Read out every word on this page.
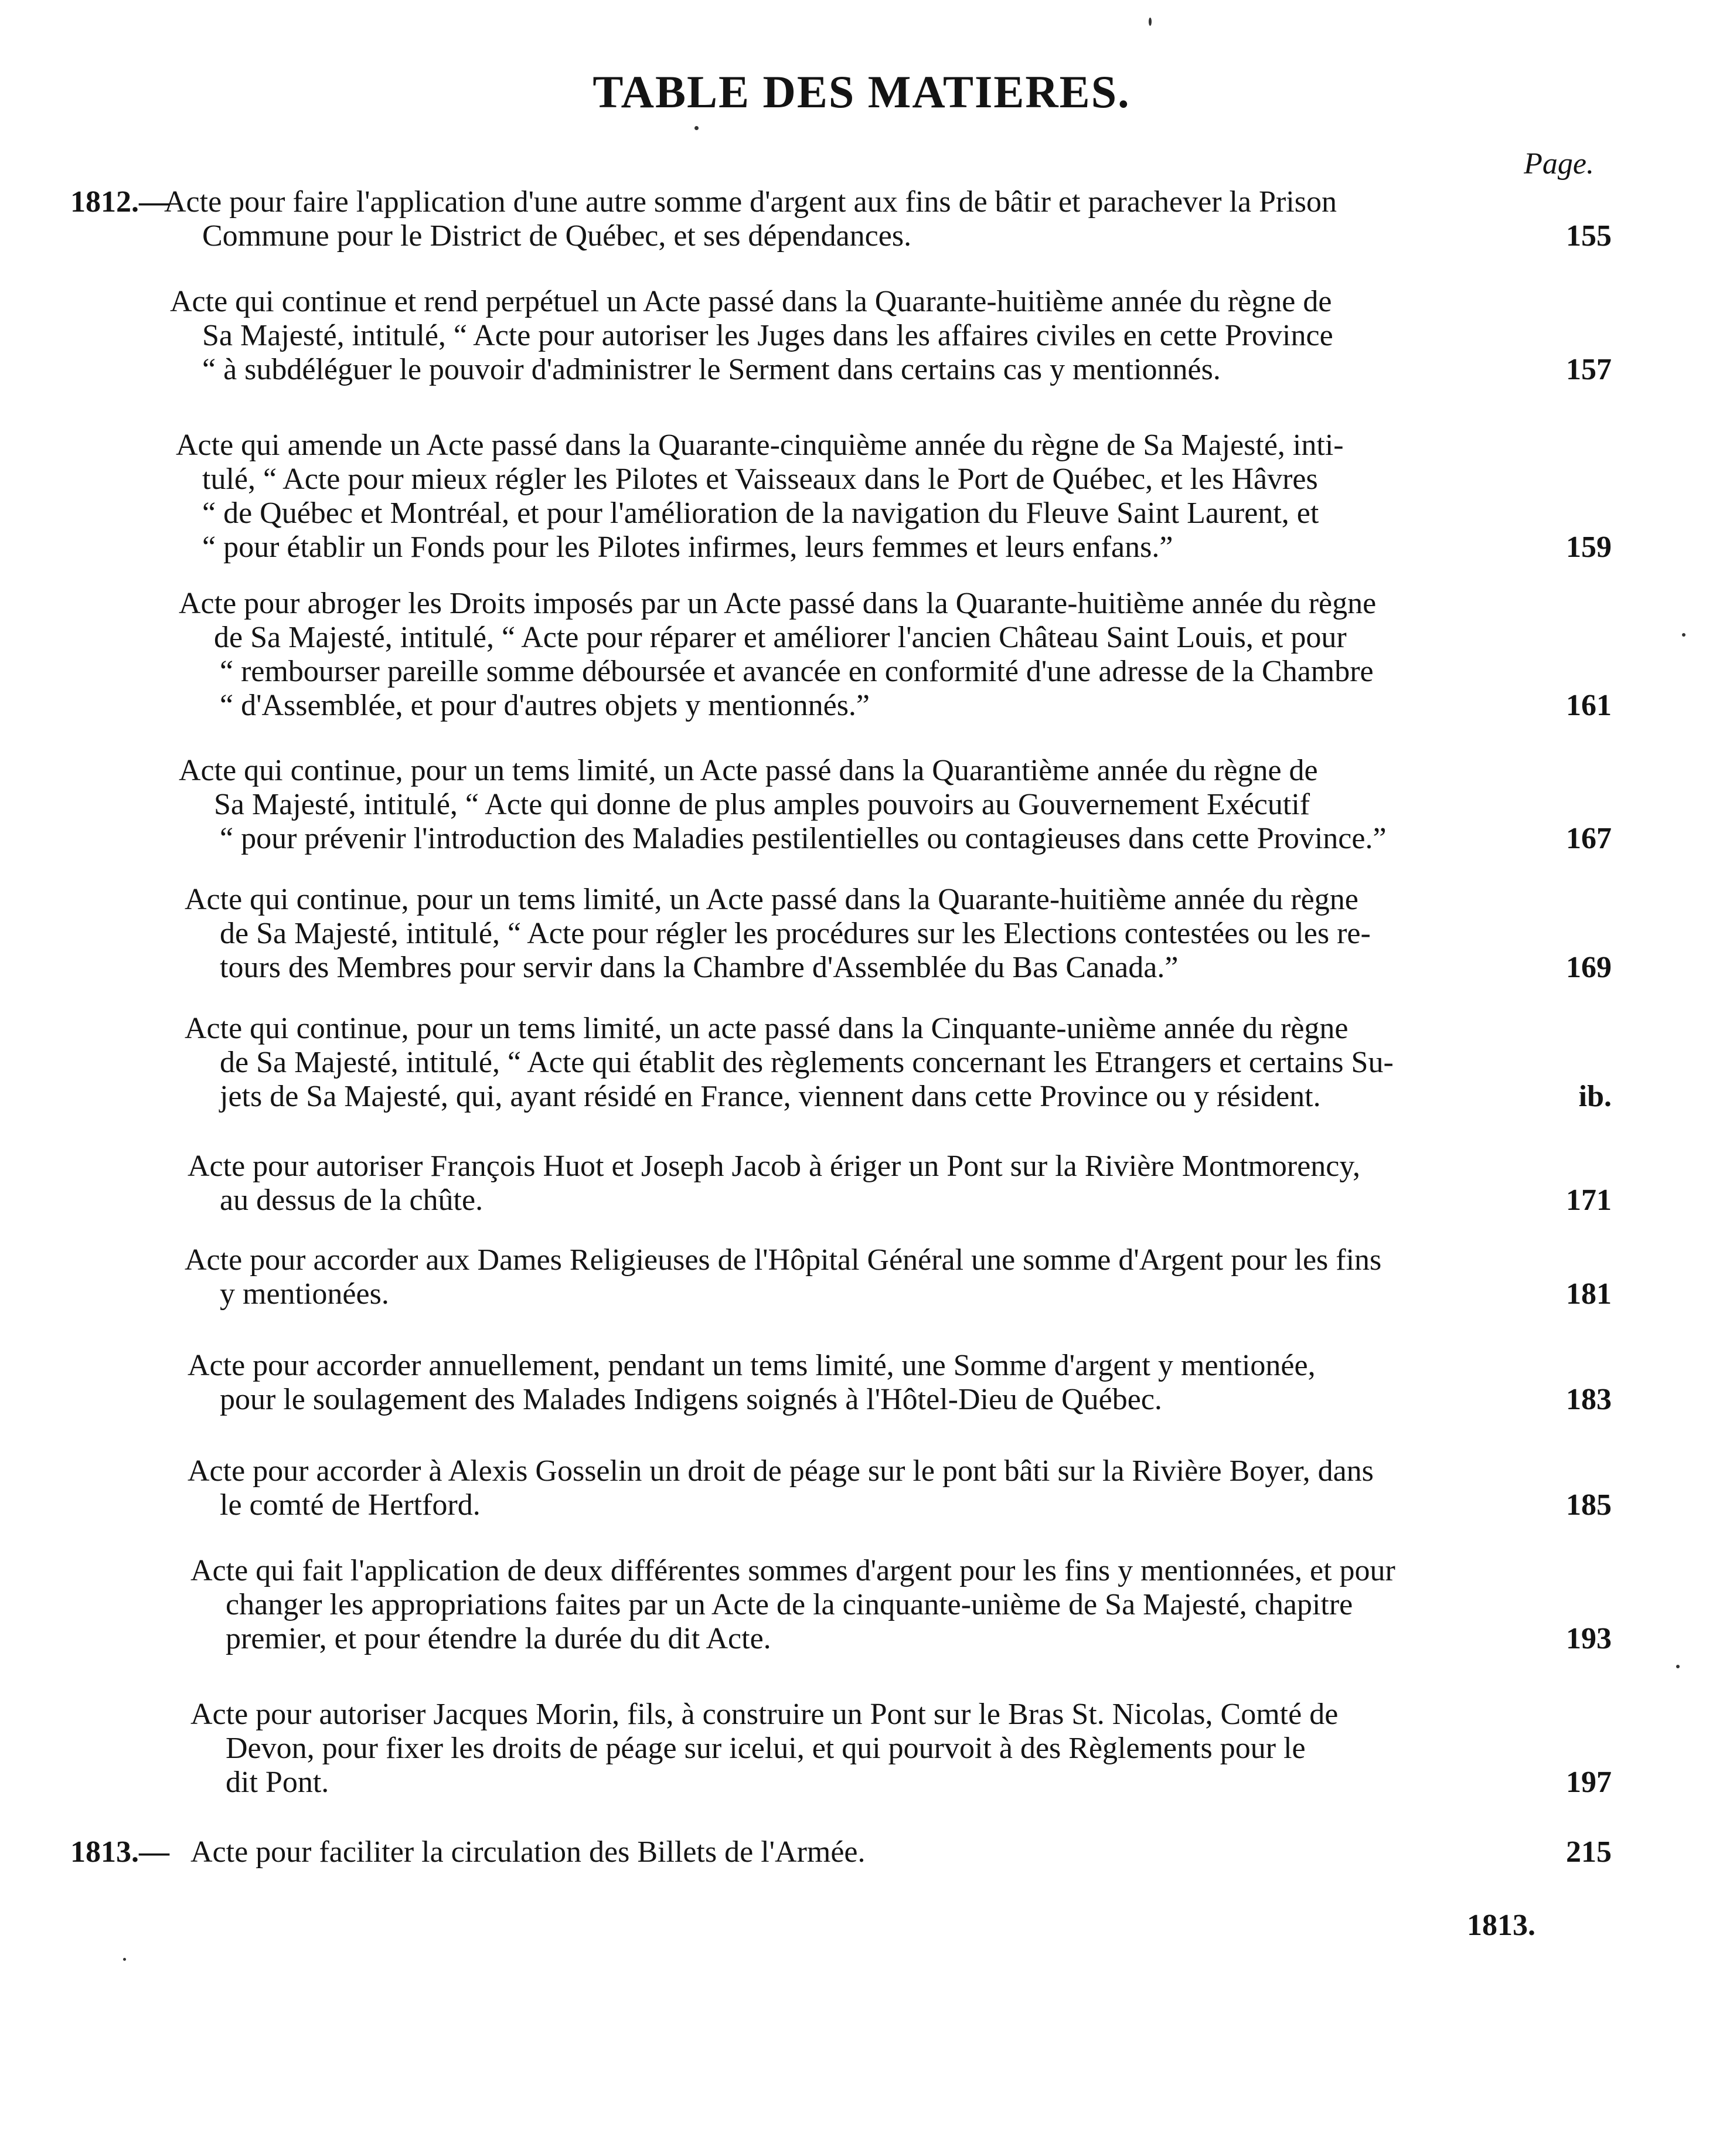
TABLE DES MATIERES.
Page.
1812.—
Acte pour faire l'application d'une autre somme d'argent aux fins de bâtir et parachever la Prison
Commune pour le District de Québec, et ses dépendances.	155
Acte qui continue et rend perpétuel un Acte passé dans la Quarante-huitième année du règne de
Sa Majesté, intitulé, “ Acte pour autoriser les Juges dans les affaires civiles en cette Province
“ à subdéléguer le pouvoir d'administrer le Serment dans certains cas y mentionnés.	157
Acte qui amende un Acte passé dans la Quarante-cinquième année du règne de Sa Majesté, inti-
tulé, “ Acte pour mieux régler les Pilotes et Vaisseaux dans le Port de Québec, et les Hâvres
“ de Québec et Montréal, et pour l'amélioration de la navigation du Fleuve Saint Laurent, et
“ pour établir un Fonds pour les Pilotes infirmes, leurs femmes et leurs enfans.”	159
Acte pour abroger les Droits imposés par un Acte passé dans la Quarante-huitième année du règne
de Sa Majesté, intitulé, “ Acte pour réparer et améliorer l'ancien Château Saint Louis, et pour
“ rembourser pareille somme déboursée et avancée en conformité d'une adresse de la Chambre
“ d'Assemblée, et pour d'autres objets y mentionnés.”	161
Acte qui continue, pour un tems limité, un Acte passé dans la Quarantième année du règne de
Sa Majesté, intitulé, “ Acte qui donne de plus amples pouvoirs au Gouvernement Exécutif
“ pour prévenir l'introduction des Maladies pestilentielles ou contagieuses dans cette Province.”	167
Acte qui continue, pour un tems limité, un Acte passé dans la Quarante-huitième année du règne
de Sa Majesté, intitulé, “ Acte pour régler les procédures sur les Elections contestées ou les re-
tours des Membres pour servir dans la Chambre d'Assemblée du Bas Canada.”	169
Acte qui continue, pour un tems limité, un acte passé dans la Cinquante-unième année du règne
de Sa Majesté, intitulé, “ Acte qui établit des règlements concernant les Etrangers et certains Su-
jets de Sa Majesté, qui, ayant résidé en France, viennent dans cette Province ou y résident.	ib.
Acte pour autoriser François Huot et Joseph Jacob à ériger un Pont sur la Rivière Montmorency,
au dessus de la chûte.	171
Acte pour accorder aux Dames Religieuses de l'Hôpital Général une somme d'Argent pour les fins
y mentionées.	181
Acte pour accorder annuellement, pendant un tems limité, une Somme d'argent y mentionée,
pour le soulagement des Malades Indigens soignés à l'Hôtel-Dieu de Québec.	183
Acte pour accorder à Alexis Gosselin un droit de péage sur le pont bâti sur la Rivière Boyer, dans
le comté de Hertford.	185
Acte qui fait l'application de deux différentes sommes d'argent pour les fins y mentionnées, et pour
changer les appropriations faites par un Acte de la cinquante-unième de Sa Majesté, chapitre
premier, et pour étendre la durée du dit Acte.	193
Acte pour autoriser Jacques Morin, fils, à construire un Pont sur le Bras St. Nicolas, Comté de
Devon, pour fixer les droits de péage sur icelui, et qui pourvoit à des Règlements pour le
dit Pont.	197
1813.— Acte pour faciliter la circulation des Billets de l'Armée.	215
1813.
